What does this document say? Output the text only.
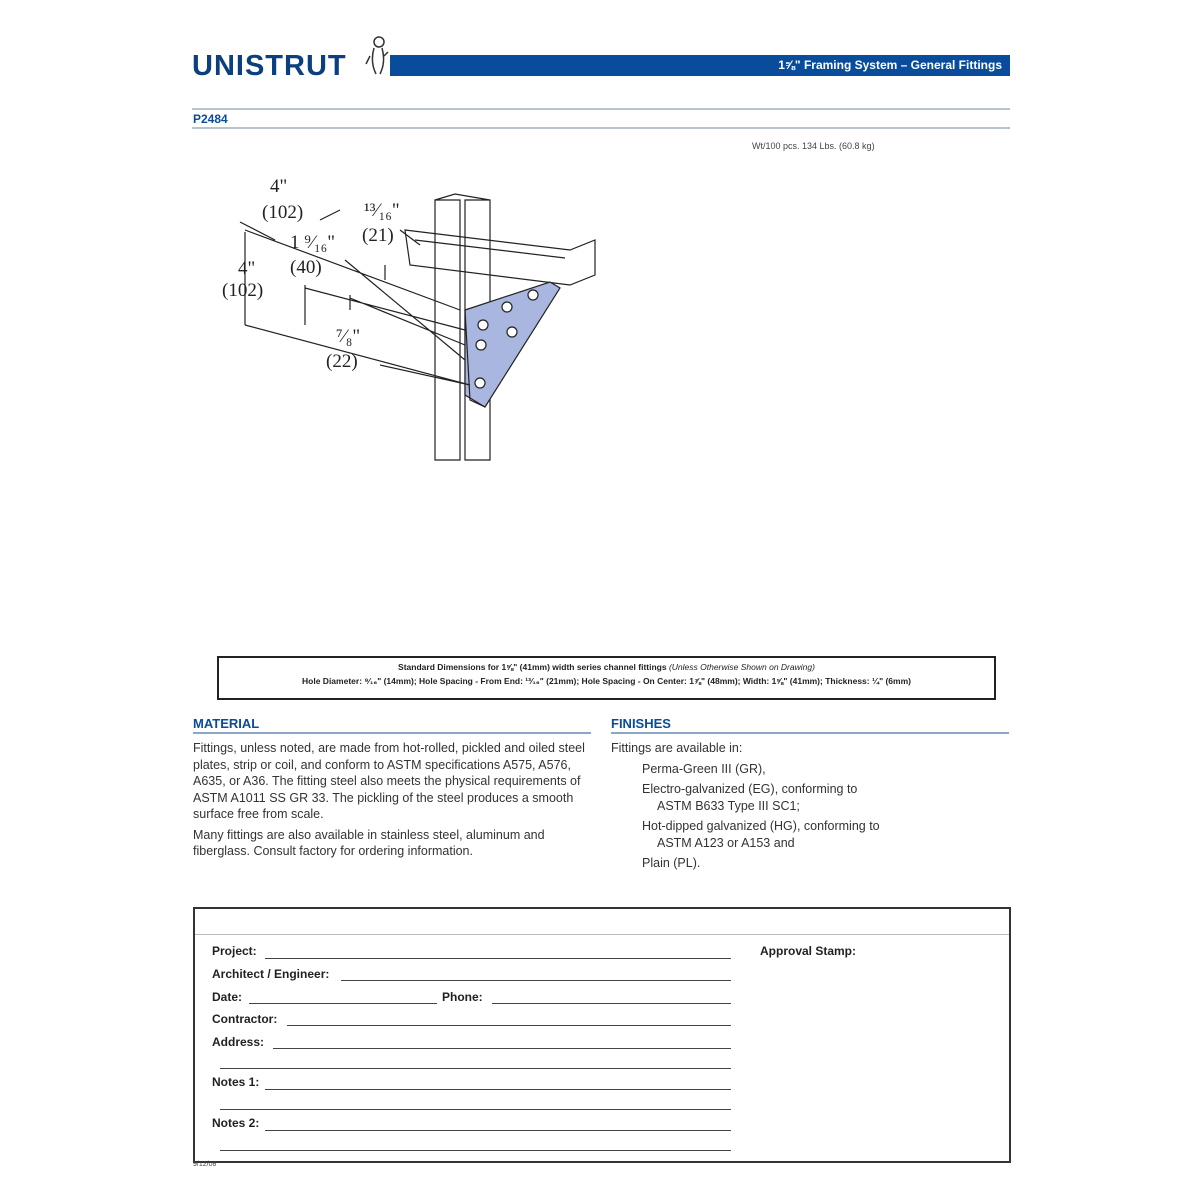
UNISTRUT	1⅝" Framing System – General Fittings
P2484
Wt/100 pcs. 134 Lbs. (60.8 kg)
4"
(102)	¹³⁄₁₆"
(21)
1 ⁹⁄₁₆"
(40)
4"
(102)
⁷⁄₈"
(22)
Standard Dimensions for 1⅝" (41mm) width series channel fittings (Unless Otherwise Shown on Drawing)
Hole Diameter: ⁹⁄₁₆" (14mm); Hole Spacing - From End: ¹³⁄₁₆" (21mm); Hole Spacing - On Center: 1⅞" (48mm); Width: 1⅝" (41mm); Thickness: ¼" (6mm)
MATERIAL
Fittings, unless noted, are made from hot-rolled, pickled and oiled steel plates, strip or coil, and conform to ASTM specifications A575, A576, A635, or A36. The fitting steel also meets the physical requirements of ASTM A1011 SS GR 33. The pickling of the steel produces a smooth surface free from scale.
Many fittings are also available in stainless steel, aluminum and fiberglass. Consult factory for ordering information.
FINISHES
Fittings are available in:
Perma-Green III (GR),
Electro-galvanized (EG), conforming to
ASTM B633 Type III SC1;
Hot-dipped galvanized (HG), conforming to
ASTM A123 or A153 and
Plain (PL).
Project:
Architect / Engineer:
Date:	Phone:
Contractor:
Address:
Notes 1:
Notes 2:
Approval Stamp:
9/12/08
